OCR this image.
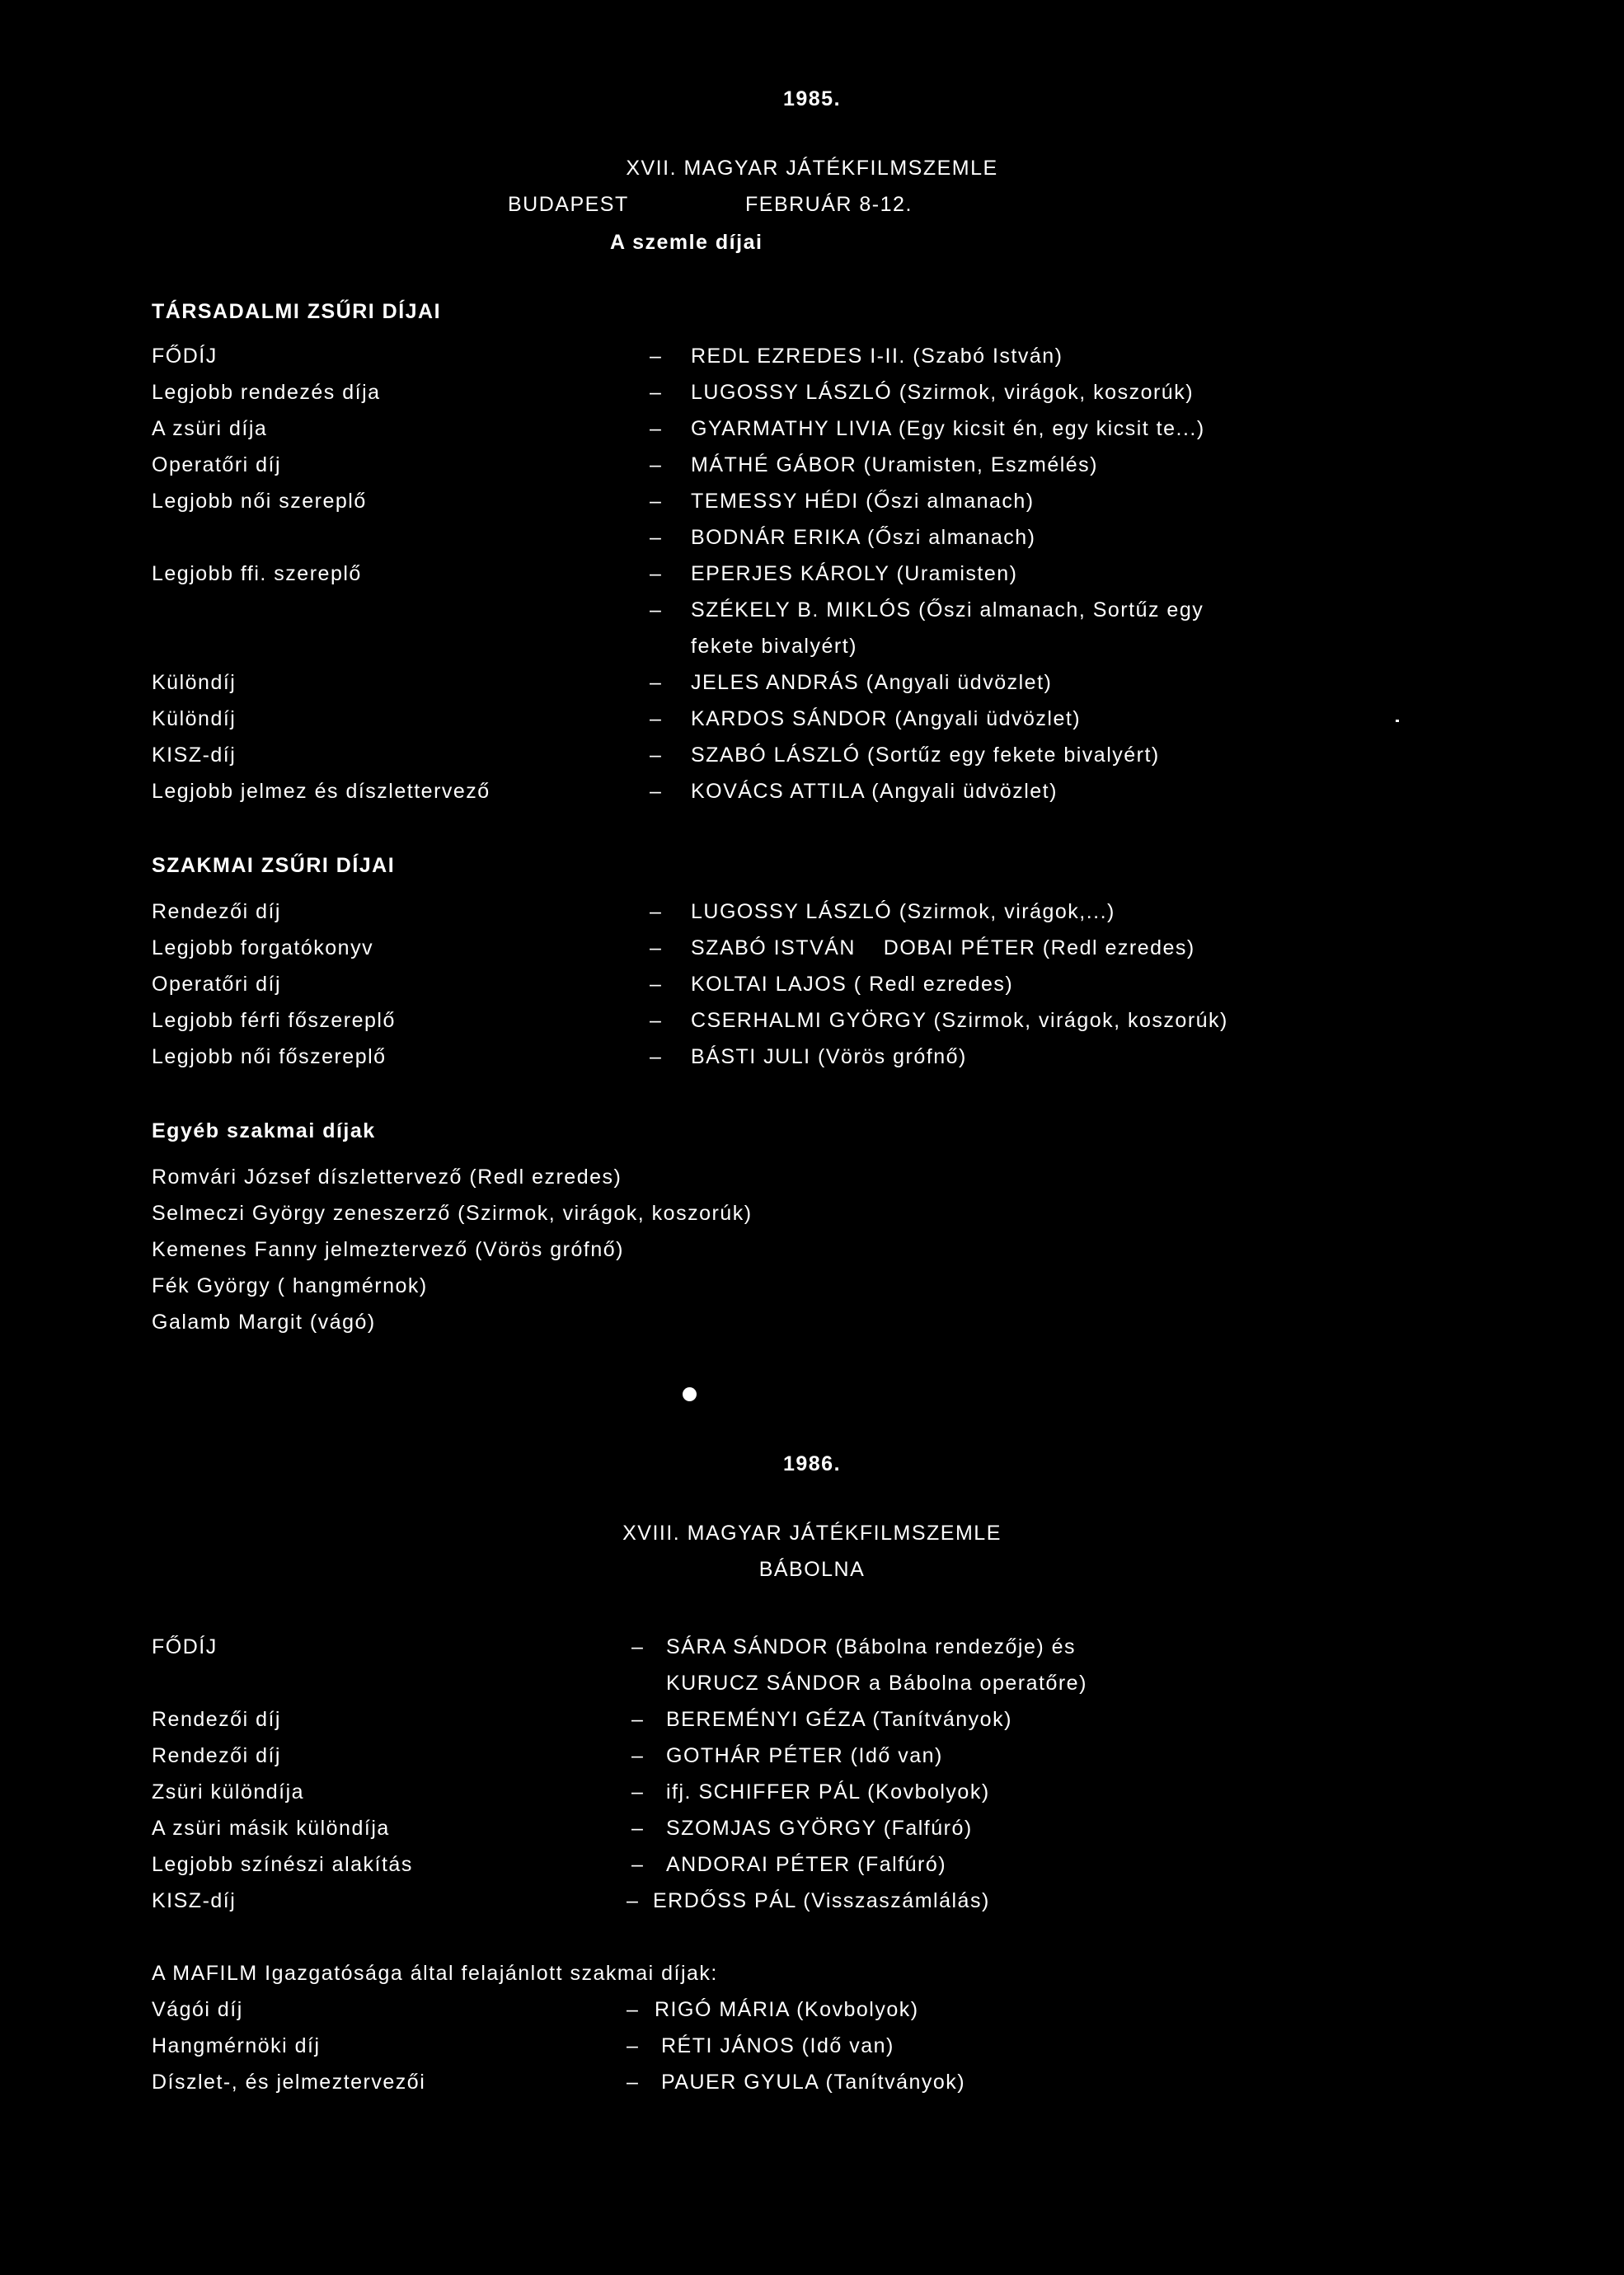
1985.
XVII. MAGYAR JÁTÉKFILMSZEMLE
BUDAPEST	FEBRUÁR 8-12.
A szemle díjai
TÁRSADALMI ZSŰRI DÍJAI
FŐDÍJ	– REDL EZREDES I-II. (Szabó István)
Legjobb rendezés díja	– LUGOSSY LÁSZLÓ (Szirmok, virágok, koszorúk)
A zsüri díja	– GYARMATHY LIVIA (Egy kicsit én, egy kicsit te...)
Operatőri díj	– MÁTHÉ GÁBOR (Uramisten, Eszmélés)
Legjobb női szereplő	– TEMESSY HÉDI (Őszi almanach)
– BODNÁR ERIKA (Őszi almanach)
Legjobb ffi. szereplő	– EPERJES KÁROLY (Uramisten)
– SZÉKELY B. MIKLÓS (Őszi almanach, Sortűz egy
fekete bivalyért)
Különdíj	– JELES ANDRÁS (Angyali üdvözlet)
Különdíj	– KARDOS SÁNDOR (Angyali üdvözlet)
KISZ-díj	– SZABÓ LÁSZLÓ (Sortűz egy fekete bivalyért)
Legjobb jelmez és díszlettervező	– KOVÁCS ATTILA (Angyali üdvözlet)
SZAKMAI ZSŰRI DÍJAI
Rendezői díj	– LUGOSSY LÁSZLÓ (Szirmok, virágok,...)
Legjobb forgatókonyv	– SZABÓ ISTVÁN    DOBAI PÉTER (Redl ezredes)
Operatőri díj	– KOLTAI LAJOS ( Redl ezredes)
Legjobb férfi főszereplő	– CSERHALMI GYÖRGY (Szirmok, virágok, koszorúk)
Legjobb női főszereplő	– BÁSTI JULI (Vörös grófnő)
Egyéb szakmai díjak
Romvári József díszlettervező (Redl ezredes)
Selmeczi György zeneszerző (Szirmok, virágok, koszorúk)
Kemenes Fanny jelmeztervező (Vörös grófnő)
Fék György ( hangmérnok)
Galamb Margit (vágó)
1986.
XVIII. MAGYAR JÁTÉKFILMSZEMLE
BÁBOLNA
FŐDÍJ	– SÁRA SÁNDOR (Bábolna rendezője) és
KURUCZ SÁNDOR a Bábolna operatőre)
Rendezői díj	– BEREMÉNYI GÉZA (Tanítványok)
Rendezői díj	– GOTHÁR PÉTER (Idő van)
Zsüri különdíja	– ifj. SCHIFFER PÁL (Kovbolyok)
A zsüri másik különdíja	– SZOMJAS GYÖRGY (Falfúró)
Legjobb színészi alakítás	– ANDORAI PÉTER (Falfúró)
KISZ-díj	– ERDŐSS PÁL (Visszaszámlálás)
A MAFILM Igazgatósága által felajánlott szakmai díjak:
Vágói díj	– RIGÓ MÁRIA (Kovbolyok)
Hangmérnöki díj	– RÉTI JÁNOS (Idő van)
Díszlet-, és jelmeztervezői	– PAUER GYULA (Tanítványok)
